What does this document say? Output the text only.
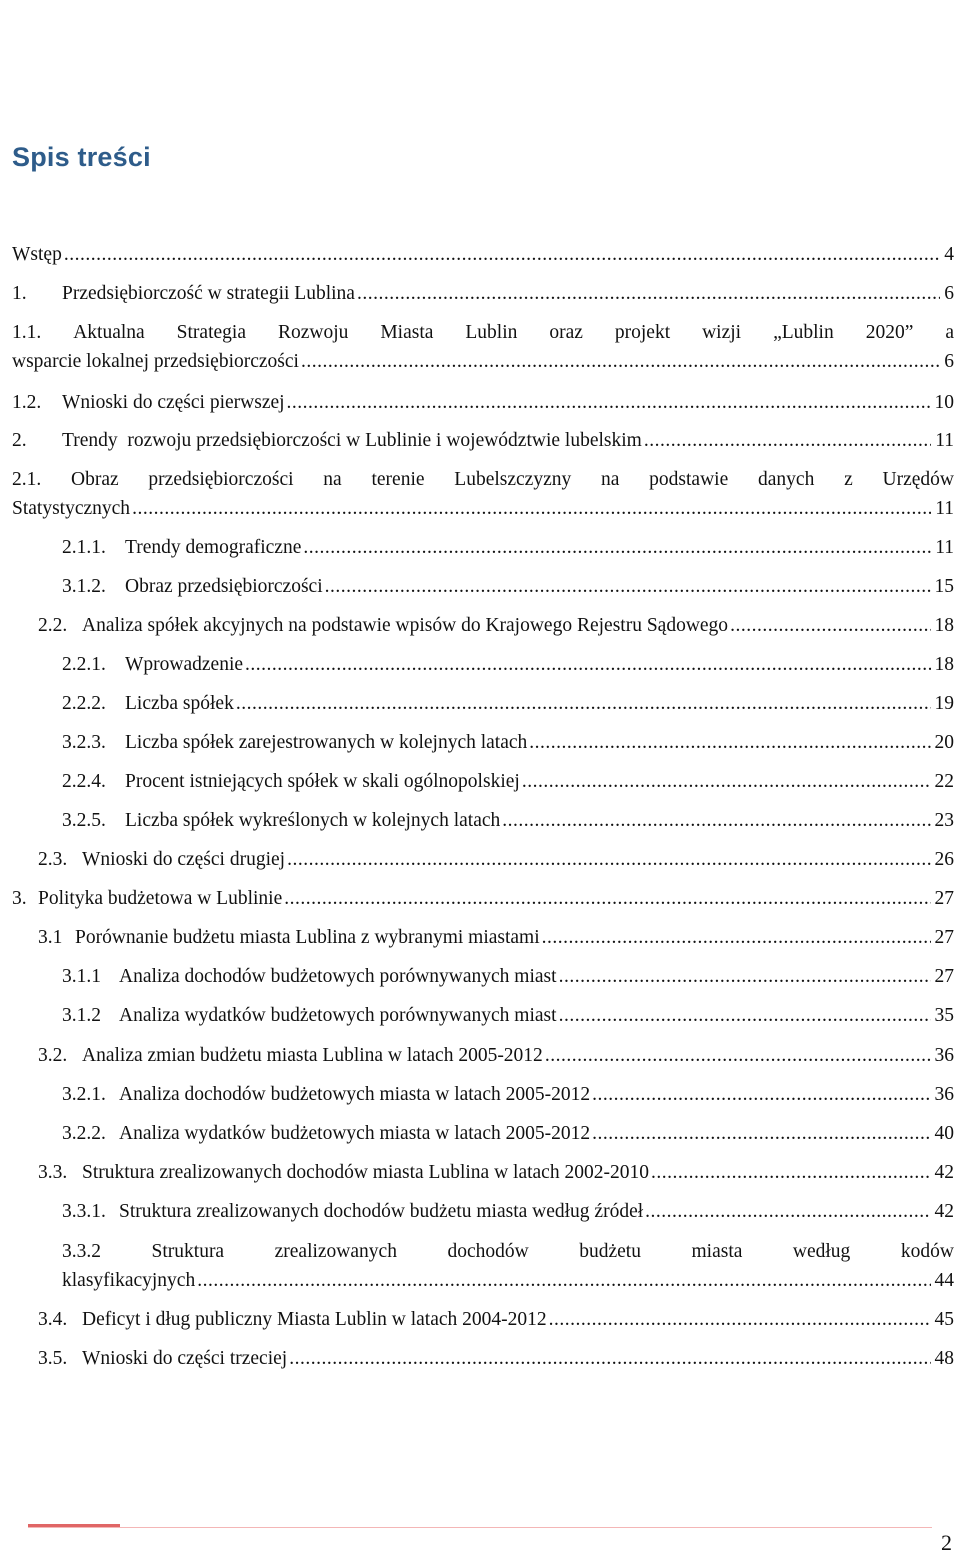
Spis treści
Wstęp .....	4
1.	Przedsiębiorczość w strategii Lublina .....	6
1.1. Aktualna Strategia Rozwoju Miasta Lublin oraz projekt wizji „Lublin 2020” a
wsparcie lokalnej przedsiębiorczości .....	6
1.2.	Wnioski do części pierwszej .....	10
2.	Trendy  rozwoju przedsiębiorczości w Lublinie i województwie lubelskim .....	11
2.1. Obraz przedsiębiorczości na terenie Lubelszczyzny na podstawie danych z Urzędów
Statystycznych .....	11
2.1.1. Trendy demograficzne .....	11
3.1.2. Obraz przedsiębiorczości .....	15
2.2. Analiza spółek akcyjnych na podstawie wpisów do Krajowego Rejestru Sądowego .....	18
2.2.1. Wprowadzenie .....	18
2.2.2. Liczba spółek .....	19
3.2.3. Liczba spółek zarejestrowanych w kolejnych latach .....	20
2.2.4. Procent istniejących spółek w skali ogólnopolskiej .....	22
3.2.5. Liczba spółek wykreślonych w kolejnych latach .....	23
2.3. Wnioski do części drugiej .....	26
3. Polityka budżetowa w Lublinie .....	27
3.1 Porównanie budżetu miasta Lublina z wybranymi miastami .....	27
3.1.1 Analiza dochodów budżetowych porównywanych miast .....	27
3.1.2 Analiza wydatków budżetowych porównywanych miast .....	35
3.2. Analiza zmian budżetu miasta Lublina w latach 2005-2012 .....	36
3.2.1. Analiza dochodów budżetowych miasta w latach 2005-2012 .....	36
3.2.2. Analiza wydatków budżetowych miasta w latach 2005-2012 .....	40
3.3. Struktura zrealizowanych dochodów miasta Lublina w latach 2002-2010 .....	42
3.3.1. Struktura zrealizowanych dochodów budżetu miasta według źródeł .....	42
3.3.2	Struktura	zrealizowanych	dochodów	budżetu	miasta	według	kodów
klasyfikacyjnych .....	44
3.4. Deficyt i dług publiczny Miasta Lublin w latach 2004-2012 .....	45
3.5. Wnioski do części trzeciej .....	48
2
